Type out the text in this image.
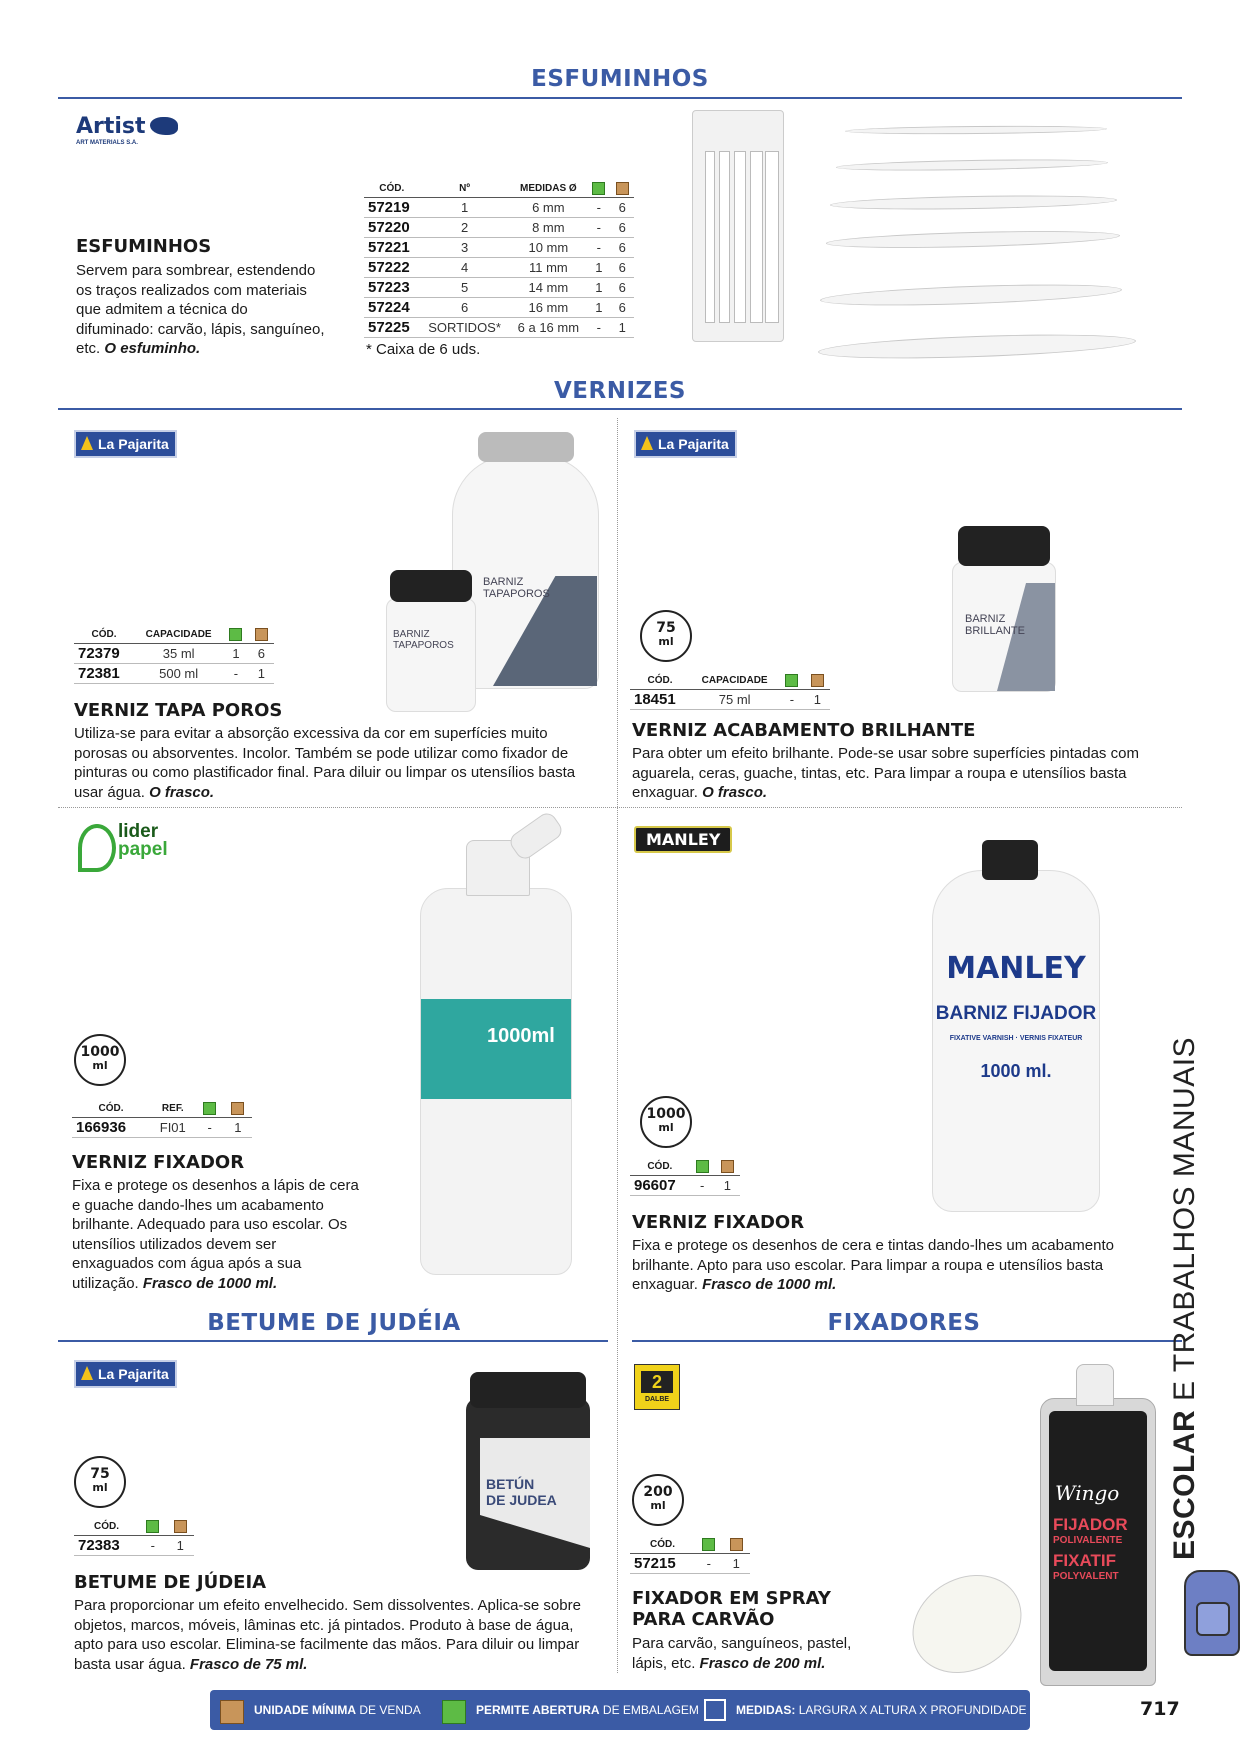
ESFUMINHOS
Artist
ART MATERIALS S.A.
ESFUMINHOS
Servem para sombrear, estendendo os traços realizados com materiais que admitem a técnica do difuminado: carvão, lápis, sanguíneo, etc. O esfuminho.
CÓD.	Nº	MEDIDAS Ø		
57219	1	6 mm	-	6
57220	2	8 mm	-	6
57221	3	10 mm	-	6
57222	4	11 mm	1	6
57223	5	14 mm	1	6
57224	6	16 mm	1	6
57225	SORTIDOS*	6 a 16 mm	-	1
* Caixa de 6 uds.
VERNIZES
La Pajarita
BARNIZ
TAPAPOROS
BARNIZ
TAPAPOROS
CÓD.	CAPACIDADE		
72379	35 ml	1	6
72381	500 ml	-	1
VERNIZ TAPA POROS
Utiliza-se para evitar a absorção excessiva da cor em superfícies muito porosas ou absorventes. Incolor. Também se pode utilizar como fixador de pinturas ou como plastificador final. Para diluir ou limpar os utensílios basta usar água. O frasco.
La Pajarita
BARNIZ
BRILLANTE
75
ml
CÓD.	CAPACIDADE		
18451	75 ml	-	1
VERNIZ ACABAMENTO BRILHANTE
Para obter um efeito brilhante. Pode-se usar sobre superfícies pintadas com aguarela, ceras, guache, tintas, etc. Para limpar a roupa e utensílios basta enxaguar. O frasco.
lider
papel
1000ml
1000
ml
CÓD.	REF.		
166936	FI01	-	1
VERNIZ FIXADOR
Fixa e protege os desenhos a lápis de cera e guache dando-lhes um acabamento brilhante. Adequado para uso escolar. Os utensílios utilizados devem ser enxaguados com água após a sua utilização. Frasco de 1000 ml.
MANLEY
MANLEY
BARNIZ FIJADOR
FIXATIVE VARNISH · VERNIS FIXATEUR
1000 ml.
1000
ml
CÓD.		
96607	-	1
VERNIZ FIXADOR
Fixa e protege os desenhos de cera e tintas dando-lhes um acabamento brilhante. Apto para uso escolar. Para limpar a roupa e utensílios basta enxaguar. Frasco de 1000 ml.
BETUME DE JUDÉIA
La Pajarita
BETÚN
DE JUDEA
75
ml
CÓD.		
72383	-	1
BETUME DE JÚDEIA
Para proporcionar um efeito envelhecido. Sem dissolventes. Aplica-se sobre objetos, marcos, móveis, lâminas etc. já pintados. Produto à base de água, apto para uso escolar. Elimina-se facilmente das mãos. Para diluir ou limpar basta usar água. Frasco de 75 ml.
FIXADORES
2
DALBE
Wingo
FIJADOR
POLIVALENTE
FIXATIF
POLYVALENT
200
ml
CÓD.		
57215	-	1
FIXADOR EM SPRAY
PARA CARVÃO
Para carvão, sanguíneos, pastel, lápis, etc. Frasco de 200 ml.
ESCOLAR E TRABALHOS MANUAIS
UNIDADE MÍNIMA DE VENDA	PERMITE ABERTURA DE EMBALAGEM	MEDIDAS: LARGURA X ALTURA X PROFUNDIDADE	717
